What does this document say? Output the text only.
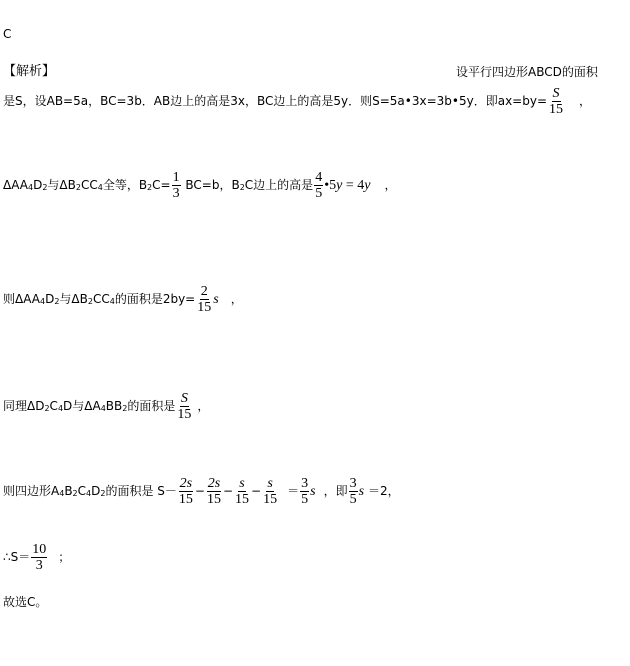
C
【解析】	设平行四边形ABCD的面积
是S，设AB=5a，BC=3b．AB边上的高是3x，BC边上的高是5y．则S=5a•3x=3b•5y．即$ax=by= \frac{S}{15}$ ，
ΔAA4D2与ΔB2CC4全等，$B2C= \frac{1}{3} BC=b$，B2C边上的高是 $\frac{4}{5}$ •5y = 4y ，
则ΔAA4D2与ΔB2CC4的面积是$2by= \frac{2}{15}$ s ，
同理ΔD2C4D与ΔA4BB2的面积是 $\frac{S}{15}$ ，
则四边形A4B2C4D2的面积是 $S- \frac{2s}{15} - \frac{2s}{15} - \frac{s}{15} - \frac{s}{15} = \frac{3}{5}$ s ，即 $\frac{3}{5}$ s ＝2，
∴S＝ $\frac{10}{3}$ ；
故选C。
